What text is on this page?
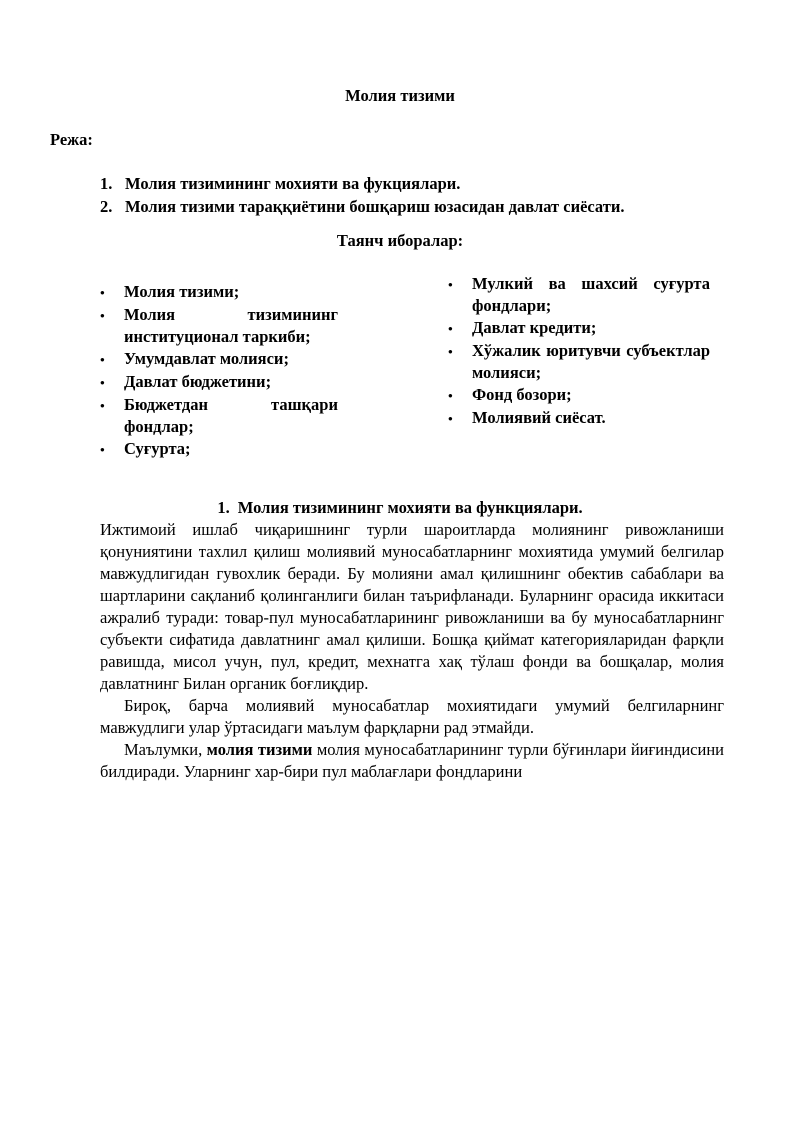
Молия тизими
Режа:
1. Молия тизимининг мохияти ва фукциялари.
2. Молия тизими тараққиётини бошқариш юзасидан давлат сиёсати.
Таянч иборалар:
•	Молия тизими;
•	Молия тизимининг институционал таркиби;
•	Умумдавлат молияси;
•	Давлат бюджетини;
•	Бюджетдан ташқари фондлар;
•	Суғурта;
•	Мулкий ва шахсий суғурта фондлари;
•	Давлат кредити;
•	Хўжалик юритувчи субъектлар молияси;
•	Фонд бозори;
•	Молиявий сиёсат.
1. Молия тизимининг мохияти ва функциялари.

Ижтимоий ишлаб чиқаришнинг турли шароитларда молиянинг ривожланиши қонуниятини тахлил қилиш молиявий муносабатларнинг мохиятида умумий белгилар мавжудлигидан гувохлик беради. Бу молияни амал қилишнинг обектив сабаблари ва шартларини сақланиб қолинганлиги билан таърифланади. Буларнинг орасида иккитаси ажралиб туради: товар-пул муносабатларининг ривожланиши ва бу муносабатларнинг субъекти сифатида давлатнинг амал қилиши. Бошқа қиймат категорияларидан фарқли равишда, мисол учун, пул, кредит, мехнатга хақ тўлаш фонди ва бошқалар, молия давлатнинг Билан органик боғлиқдир.

Бироқ, барча молиявий муносабатлар мохиятидаги умумий белгиларнинг мавжудлиги улар ўртасидаги маълум фарқларни рад этмайди.

Маълумки, молия тизими молия муносабатларининг турли бўғинлари йиғиндисини билдиради. Уларнинг хар-бири пул маблағлари фондларини
